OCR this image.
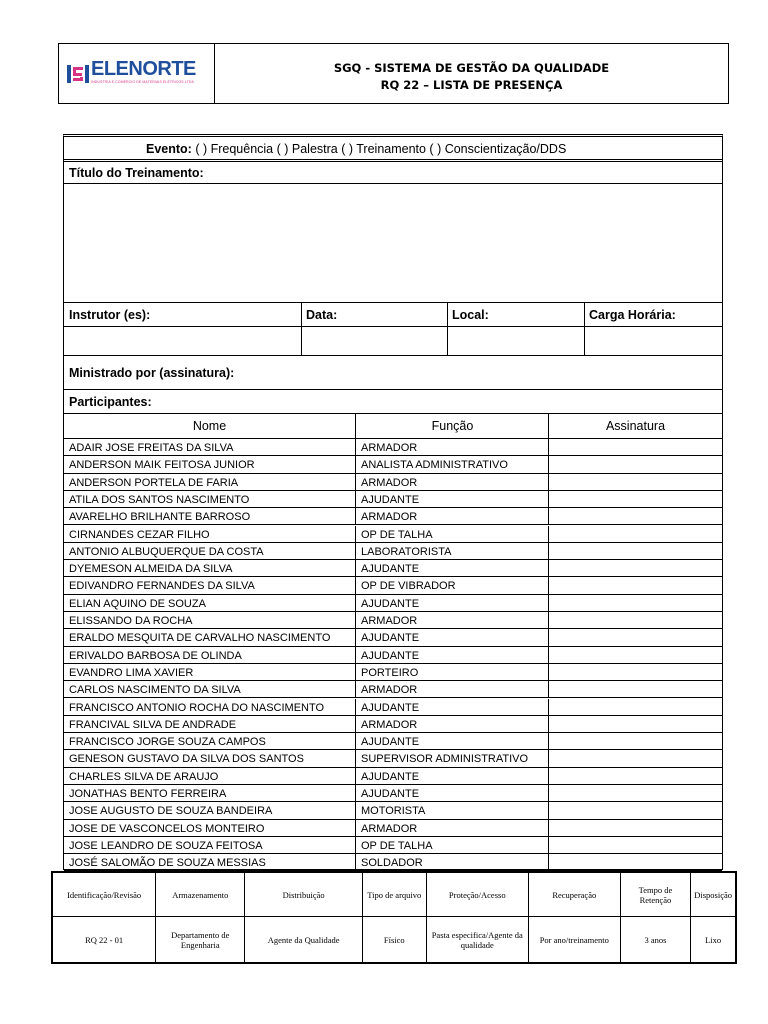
ELENORTE
INDÚSTRIA E COMÉRCIO DE MATERIAIS ELÉTRICOS LTDA
SGQ - SISTEMA DE GESTÃO DA QUALIDADE
RQ 22 – LISTA DE PRESENÇA
Evento: ( ) Frequência ( ) Palestra ( ) Treinamento ( ) Conscientização/DDS
Título do Treinamento:
Instrutor (es):	Data:	Local:	Carga Horária:
Ministrado por (assinatura):
Participantes:
Nome	Função	Assinatura
ADAIR JOSE FREITAS DA SILVA	ARMADOR
ANDERSON MAIK FEITOSA JUNIOR	ANALISTA ADMINISTRATIVO
ANDERSON PORTELA DE FARIA	ARMADOR
ATILA DOS SANTOS NASCIMENTO	AJUDANTE
AVARELHO BRILHANTE BARROSO	ARMADOR
CIRNANDES CEZAR FILHO	OP DE TALHA
ANTONIO ALBUQUERQUE DA COSTA	LABORATORISTA
DYEMESON ALMEIDA DA SILVA	AJUDANTE
EDIVANDRO FERNANDES DA SILVA	OP DE VIBRADOR
ELIAN AQUINO DE SOUZA	AJUDANTE
ELISSANDO DA ROCHA	ARMADOR
ERALDO MESQUITA DE CARVALHO NASCIMENTO	AJUDANTE
ERIVALDO BARBOSA DE OLINDA	AJUDANTE
EVANDRO LIMA XAVIER	PORTEIRO
CARLOS NASCIMENTO DA SILVA	ARMADOR
FRANCISCO ANTONIO ROCHA DO NASCIMENTO	AJUDANTE
FRANCIVAL SILVA DE ANDRADE	ARMADOR
FRANCISCO JORGE SOUZA CAMPOS	AJUDANTE
GENESON GUSTAVO DA SILVA DOS SANTOS	SUPERVISOR ADMINISTRATIVO
CHARLES SILVA DE ARAUJO	AJUDANTE
JONATHAS BENTO FERREIRA	AJUDANTE
JOSE AUGUSTO DE SOUZA BANDEIRA	MOTORISTA
JOSE DE VASCONCELOS MONTEIRO	ARMADOR
JOSE LEANDRO DE SOUZA FEITOSA	OP DE TALHA
JOSÉ SALOMÃO DE SOUZA MESSIAS	SOLDADOR
Identificação/Revisão	Armazenamento	Distribuição	Tipo de arquivo	Proteção/Acesso	Recuperação	Tempo de Retenção	Disposição
RQ 22 - 01	Departamento de Engenharia	Agente da Qualidade	Físico	Pasta especifica/Agente da qualidade	Por ano/treinamento	3 anos	Lixo
